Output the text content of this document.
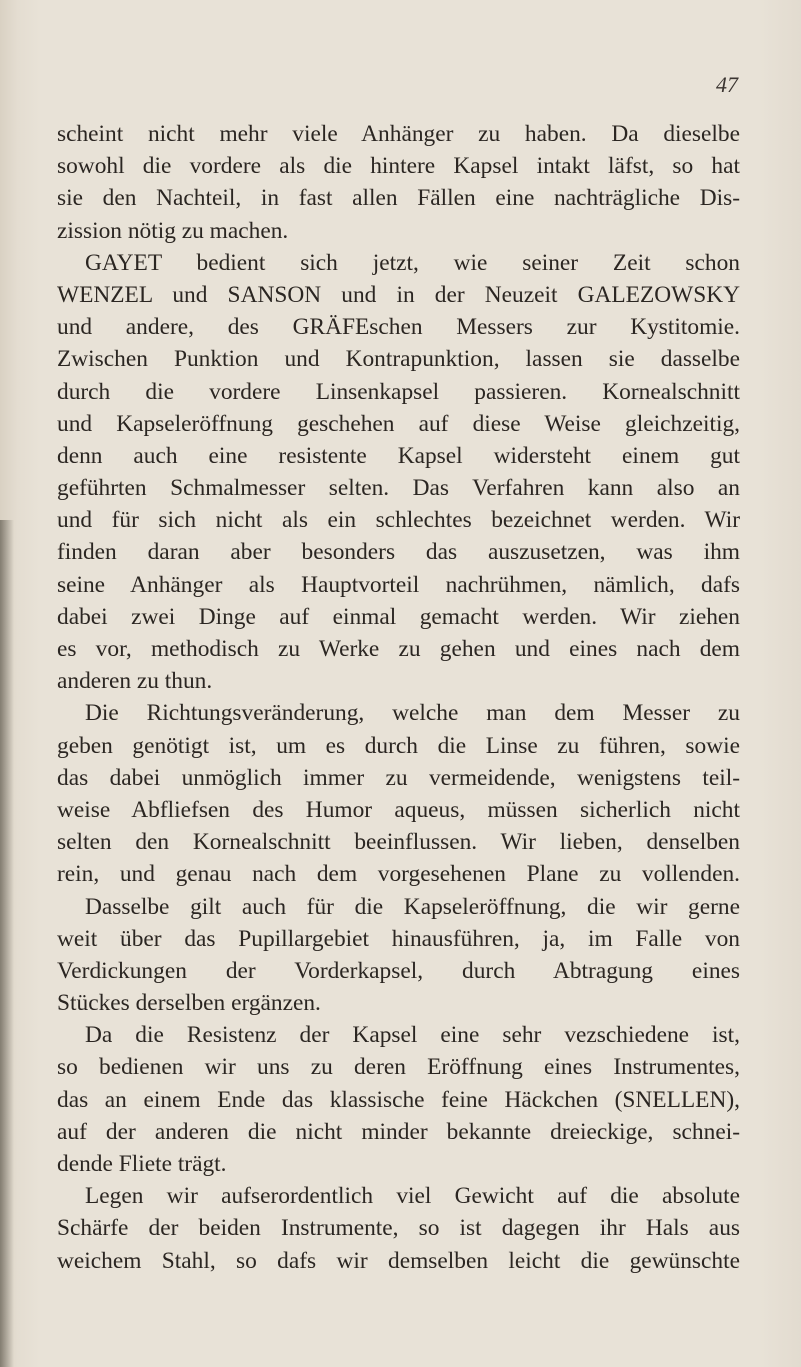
47
scheint nicht mehr viele Anhänger zu haben. Da dieselbe
sowohl die vordere als die hintere Kapsel intakt läfst, so hat
sie den Nachteil, in fast allen Fällen eine nachträgliche Dis-
zission nötig zu machen.
GAYET bedient sich jetzt, wie seiner Zeit schon
WENZEL und SANSON und in der Neuzeit GALEZOWSKY
und andere, des GRÄFEschen Messers zur Kystitomie.
Zwischen Punktion und Kontrapunktion, lassen sie dasselbe
durch die vordere Linsenkapsel passieren. Kornealschnitt
und Kapseleröffnung geschehen auf diese Weise gleichzeitig,
denn auch eine resistente Kapsel widersteht einem gut
geführten Schmalmesser selten. Das Verfahren kann also an
und für sich nicht als ein schlechtes bezeichnet werden. Wir
finden daran aber besonders das auszusetzen, was ihm
seine Anhänger als Hauptvorteil nachrühmen, nämlich, dafs
dabei zwei Dinge auf einmal gemacht werden. Wir ziehen
es vor, methodisch zu Werke zu gehen und eines nach dem
anderen zu thun.
Die Richtungsveränderung, welche man dem Messer zu
geben genötigt ist, um es durch die Linse zu führen, sowie
das dabei unmöglich immer zu vermeidende, wenigstens teil-
weise Abfliefsen des Humor aqueus, müssen sicherlich nicht
selten den Kornealschnitt beeinflussen. Wir lieben, denselben
rein, und genau nach dem vorgesehenen Plane zu vollenden.
Dasselbe gilt auch für die Kapseleröffnung, die wir gerne
weit über das Pupillargebiet hinausführen, ja, im Falle von
Verdickungen der Vorderkapsel, durch Abtragung eines
Stückes derselben ergänzen.
Da die Resistenz der Kapsel eine sehr vezschiedene ist,
so bedienen wir uns zu deren Eröffnung eines Instrumentes,
das an einem Ende das klassische feine Häckchen (SNELLEN),
auf der anderen die nicht minder bekannte dreieckige, schnei-
dende Fliete trägt.
Legen wir aufserordentlich viel Gewicht auf die absolute
Schärfe der beiden Instrumente, so ist dagegen ihr Hals aus
weichem Stahl, so dafs wir demselben leicht die gewünschte
